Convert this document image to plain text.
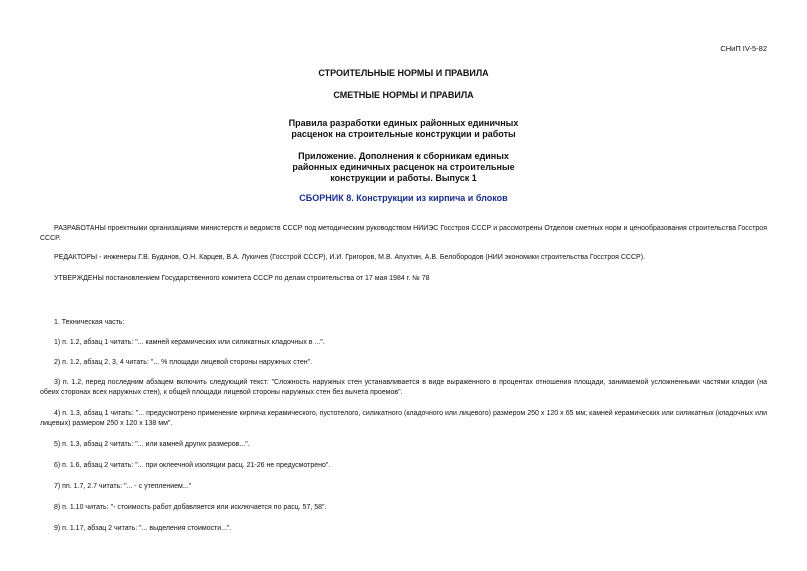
СНиП IV-5-82
СТРОИТЕЛЬНЫЕ НОРМЫ И ПРАВИЛА
СМЕТНЫЕ НОРМЫ И ПРАВИЛА
Правила разработки единых районных единичных
расценок на строительные конструкции и работы
Приложение. Дополнения к сборникам единых
районных единичных расценок на строительные
конструкции и работы. Выпуск 1
СБОРНИК 8. Конструкции из кирпича и блоков
РАЗРАБОТАНЫ проектными организациями министерств и ведомств СССР под методическим руководством НИИЭС Госстроя СССР и рассмотрены Отделом сметных норм и ценообразования строительства Госстроя СССР.
РЕДАКТОРЫ - инженеры Г.В. Буданов, О.Н. Карцев, В.А. Лукичев (Госстрой СССР), И.И. Григоров, М.В. Апухтин, А.В. Белобородов (НИИ экономики строительства Госстроя СССР).
УТВЕРЖДЕНЫ постановлением Государственного комитета СССР по делам строительства от 17 мая 1984 г. № 78
1. Техническая часть:
1) п. 1.2, абзац 1 читать: "... камней керамических или силикатных кладочных в ...".
2) п. 1.2, абзац 2, 3, 4 читать: "... % площади лицевой стороны наружных стен".
3) п. 1.2, перед последним абзацем включить следующий текст: "Сложность наружных стен устанавливается в виде выраженного в процентах отношения площади, занимаемой усложненными частями кладки (на обеих сторонах всех наружных стен), к общей площади лицевой стороны наружных стен без вычета проемов".
4) п. 1.3, абзац 1 читать: "... предусмотрено применение кирпича керамического, пустотелого, силикатного (кладочного или лицевого) размером 250 х 120 х 65 мм; камней керамических или силикатных (кладочных или лицевых) размером 250 х 120 х 138 мм".
5) п. 1.3, абзац 2 читать: "... или камней других размеров...".
6) п. 1.6, абзац 2 читать: "... при оклеечной изоляции расц. 21-26 не предусмотрено".
7) пп. 1.7, 2.7 читать: "... - с утеплением..."
8) п. 1.10 читать: "- стоимость работ добавляется или исключается по расц. 57, 58".
9) п. 1.17, абзац 2 читать: "... выделения стоимости...".
